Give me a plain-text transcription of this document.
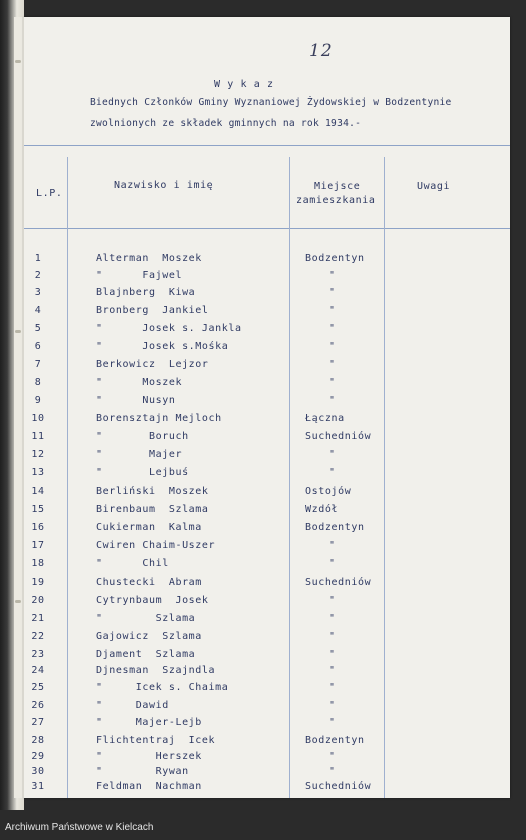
12
W y k a z
Biednych Członków Gminy Wyznaniowej Żydowskiej w Bodzentynie
zwolnionych ze składek gminnych na rok 1934.-
L.P.
Nazwisko i imię	Miejsce
zamieszkania
Uwagi
1	Alterman  Moszek	Bodzentyn
2	"      Fajwel	"
3	Blajnberg  Kiwa	"
4	Bronberg  Jankiel	"
5	"      Josek s. Jankla	"
6	"      Josek s.Mośka	"
7	Berkowicz  Lejzor	"
8	"      Moszek	"
9	"      Nusyn	"
10	Borensztajn Mejloch	Łączna
11	"       Boruch	Suchedniów
12	"       Majer	"
13	"       Lejbuś	"
14	Berliński  Moszek	Ostojów
15	Birenbaum  Szlama	Wzdół
16	Cukierman  Kalma	Bodzentyn
17	Cwiren Chaim-Uszer	"
18	"      Chil	"
19	Chustecki  Abram	Suchedniów
20	Cytrynbaum  Josek	"
21	"        Szlama	"
22	Gajowicz  Szlama	"
23	Djament  Szlama	"
24	Djnesman  Szajndla	"
25	"     Icek s. Chaima	"
26	"     Dawid	"
27	"     Majer-Lejb	"
28	Flichtentraj  Icek	Bodzentyn
29	"        Herszek	"
30	"        Rywan	"
31	Feldman  Nachman	Suchedniów
Archiwum Państwowe w Kielcach
